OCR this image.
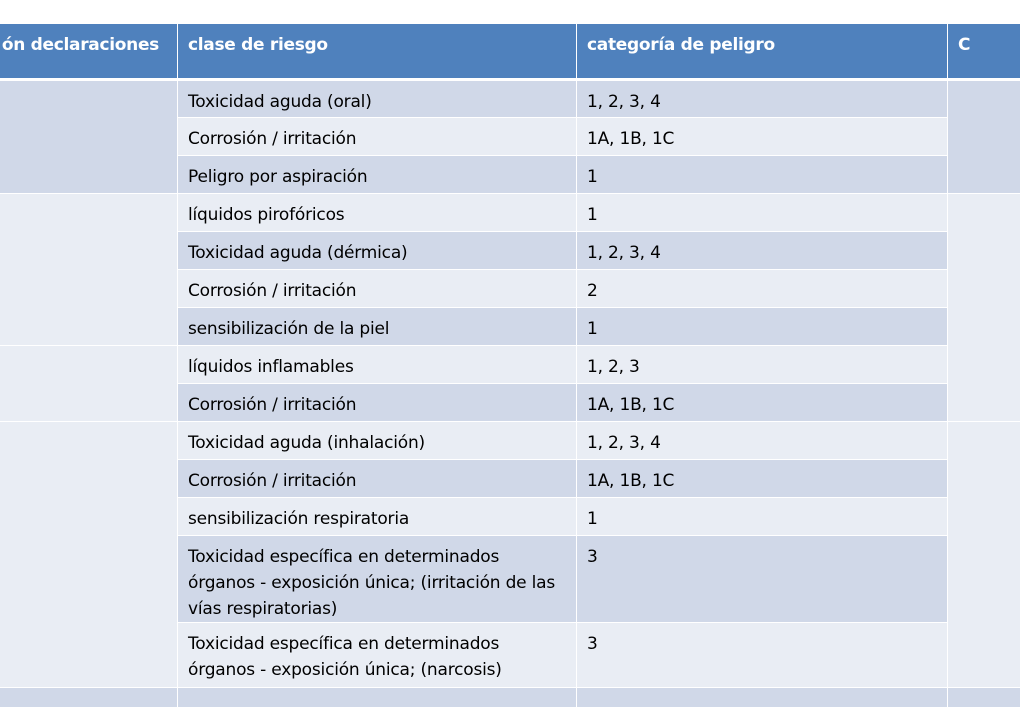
ón declaraciones	clase de riesgo	categoría de peligro	C
	Toxicidad aguda (oral)	1, 2, 3, 4	
	Corrosión / irritación	1A, 1B, 1C	
	Peligro por aspiración	1	
	líquidos pirofóricos	1	
	Toxicidad aguda (dérmica)	1, 2, 3, 4	
	Corrosión / irritación	2	
	sensibilización de la piel	1	
	líquidos inflamables	1, 2, 3	
	Corrosión / irritación	1A, 1B, 1C	
	Toxicidad aguda (inhalación)	1, 2, 3, 4	
	Corrosión / irritación	1A, 1B, 1C	
	sensibilización respiratoria	1	
	Toxicidad específica en determinados órganos - exposición única; (irritación de las vías respiratorias)	3	
	Toxicidad específica en determinados órganos - exposición única; (narcosis)	3	
